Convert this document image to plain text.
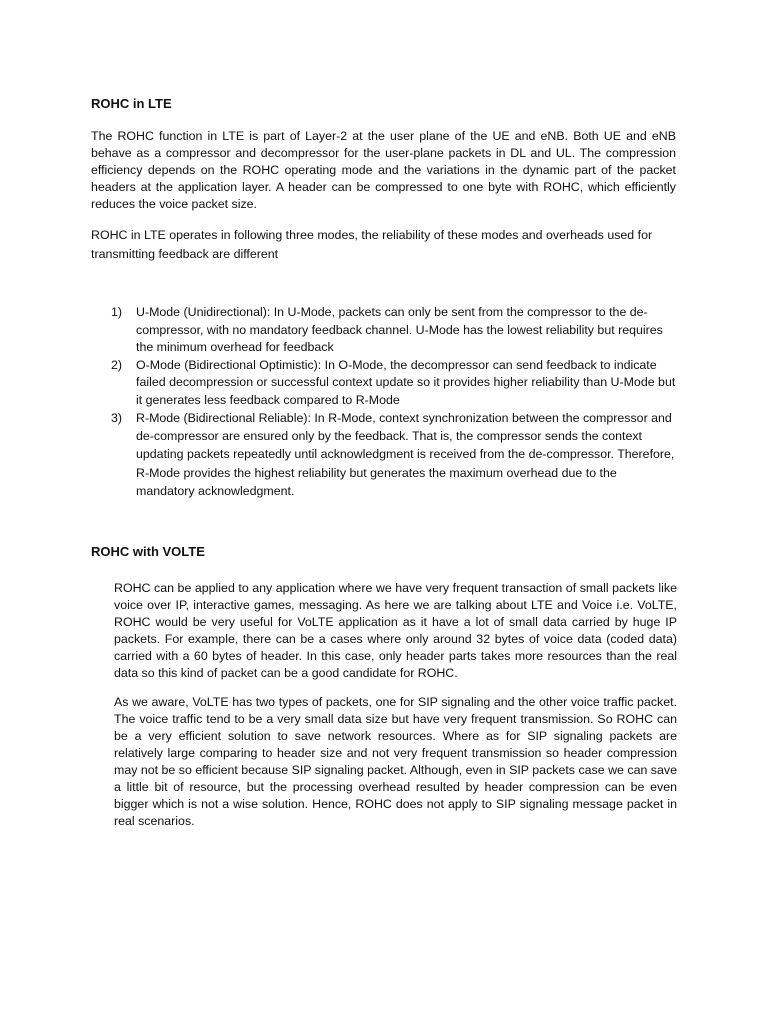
ROHC in LTE

The ROHC function in LTE is part of Layer-2 at the user plane of the UE and eNB. Both UE and eNB behave as a compressor and decompressor for the user-plane packets in DL and UL. The compression efficiency depends on the ROHC operating mode and the variations in the dynamic part of the packet headers at the application layer. A header can be compressed to one byte with ROHC, which efficiently reduces the voice packet size.

ROHC in LTE operates in following three modes, the reliability of these modes and overheads used for transmitting feedback are different

1) U-Mode (Unidirectional): In U-Mode, packets can only be sent from the compressor to the de-compressor, with no mandatory feedback channel. U-Mode has the lowest reliability but requires the minimum overhead for feedback
2) O-Mode (Bidirectional Optimistic): In O-Mode, the decompressor can send feedback to indicate failed decompression or successful context update so it provides higher reliability than U-Mode but it generates less feedback compared to R-Mode
3) R-Mode (Bidirectional Reliable): In R-Mode, context synchronization between the compressor and de-compressor are ensured only by the feedback. That is, the compressor sends the context updating packets repeatedly until acknowledgment is received from the de-compressor. Therefore, R-Mode provides the highest reliability but generates the maximum overhead due to the mandatory acknowledgment.
ROHC with VOLTE

ROHC can be applied to any application where we have very frequent transaction of small packets like voice over IP, interactive games, messaging. As here we are talking about LTE and Voice i.e. VoLTE, ROHC would be very useful for VoLTE application as it have a lot of small data carried by huge IP packets. For example, there can be a cases where only around 32 bytes of voice data (coded data) carried with a 60 bytes of header. In this case, only header parts takes more resources than the real data so this kind of packet can be a good candidate for ROHC.

As we aware, VoLTE has two types of packets, one for SIP signaling and the other voice traffic packet. The voice traffic tend to be a very small data size but have very frequent transmission. So ROHC can be a very efficient solution to save network resources. Where as for SIP signaling packets are relatively large comparing to header size and not very frequent transmission so header compression may not be so efficient because SIP signaling packet. Although, even in SIP packets case we can save a little bit of resource, but the processing overhead resulted by header compression can be even bigger which is not a wise solution. Hence, ROHC does not apply to SIP signaling message packet in real scenarios.
